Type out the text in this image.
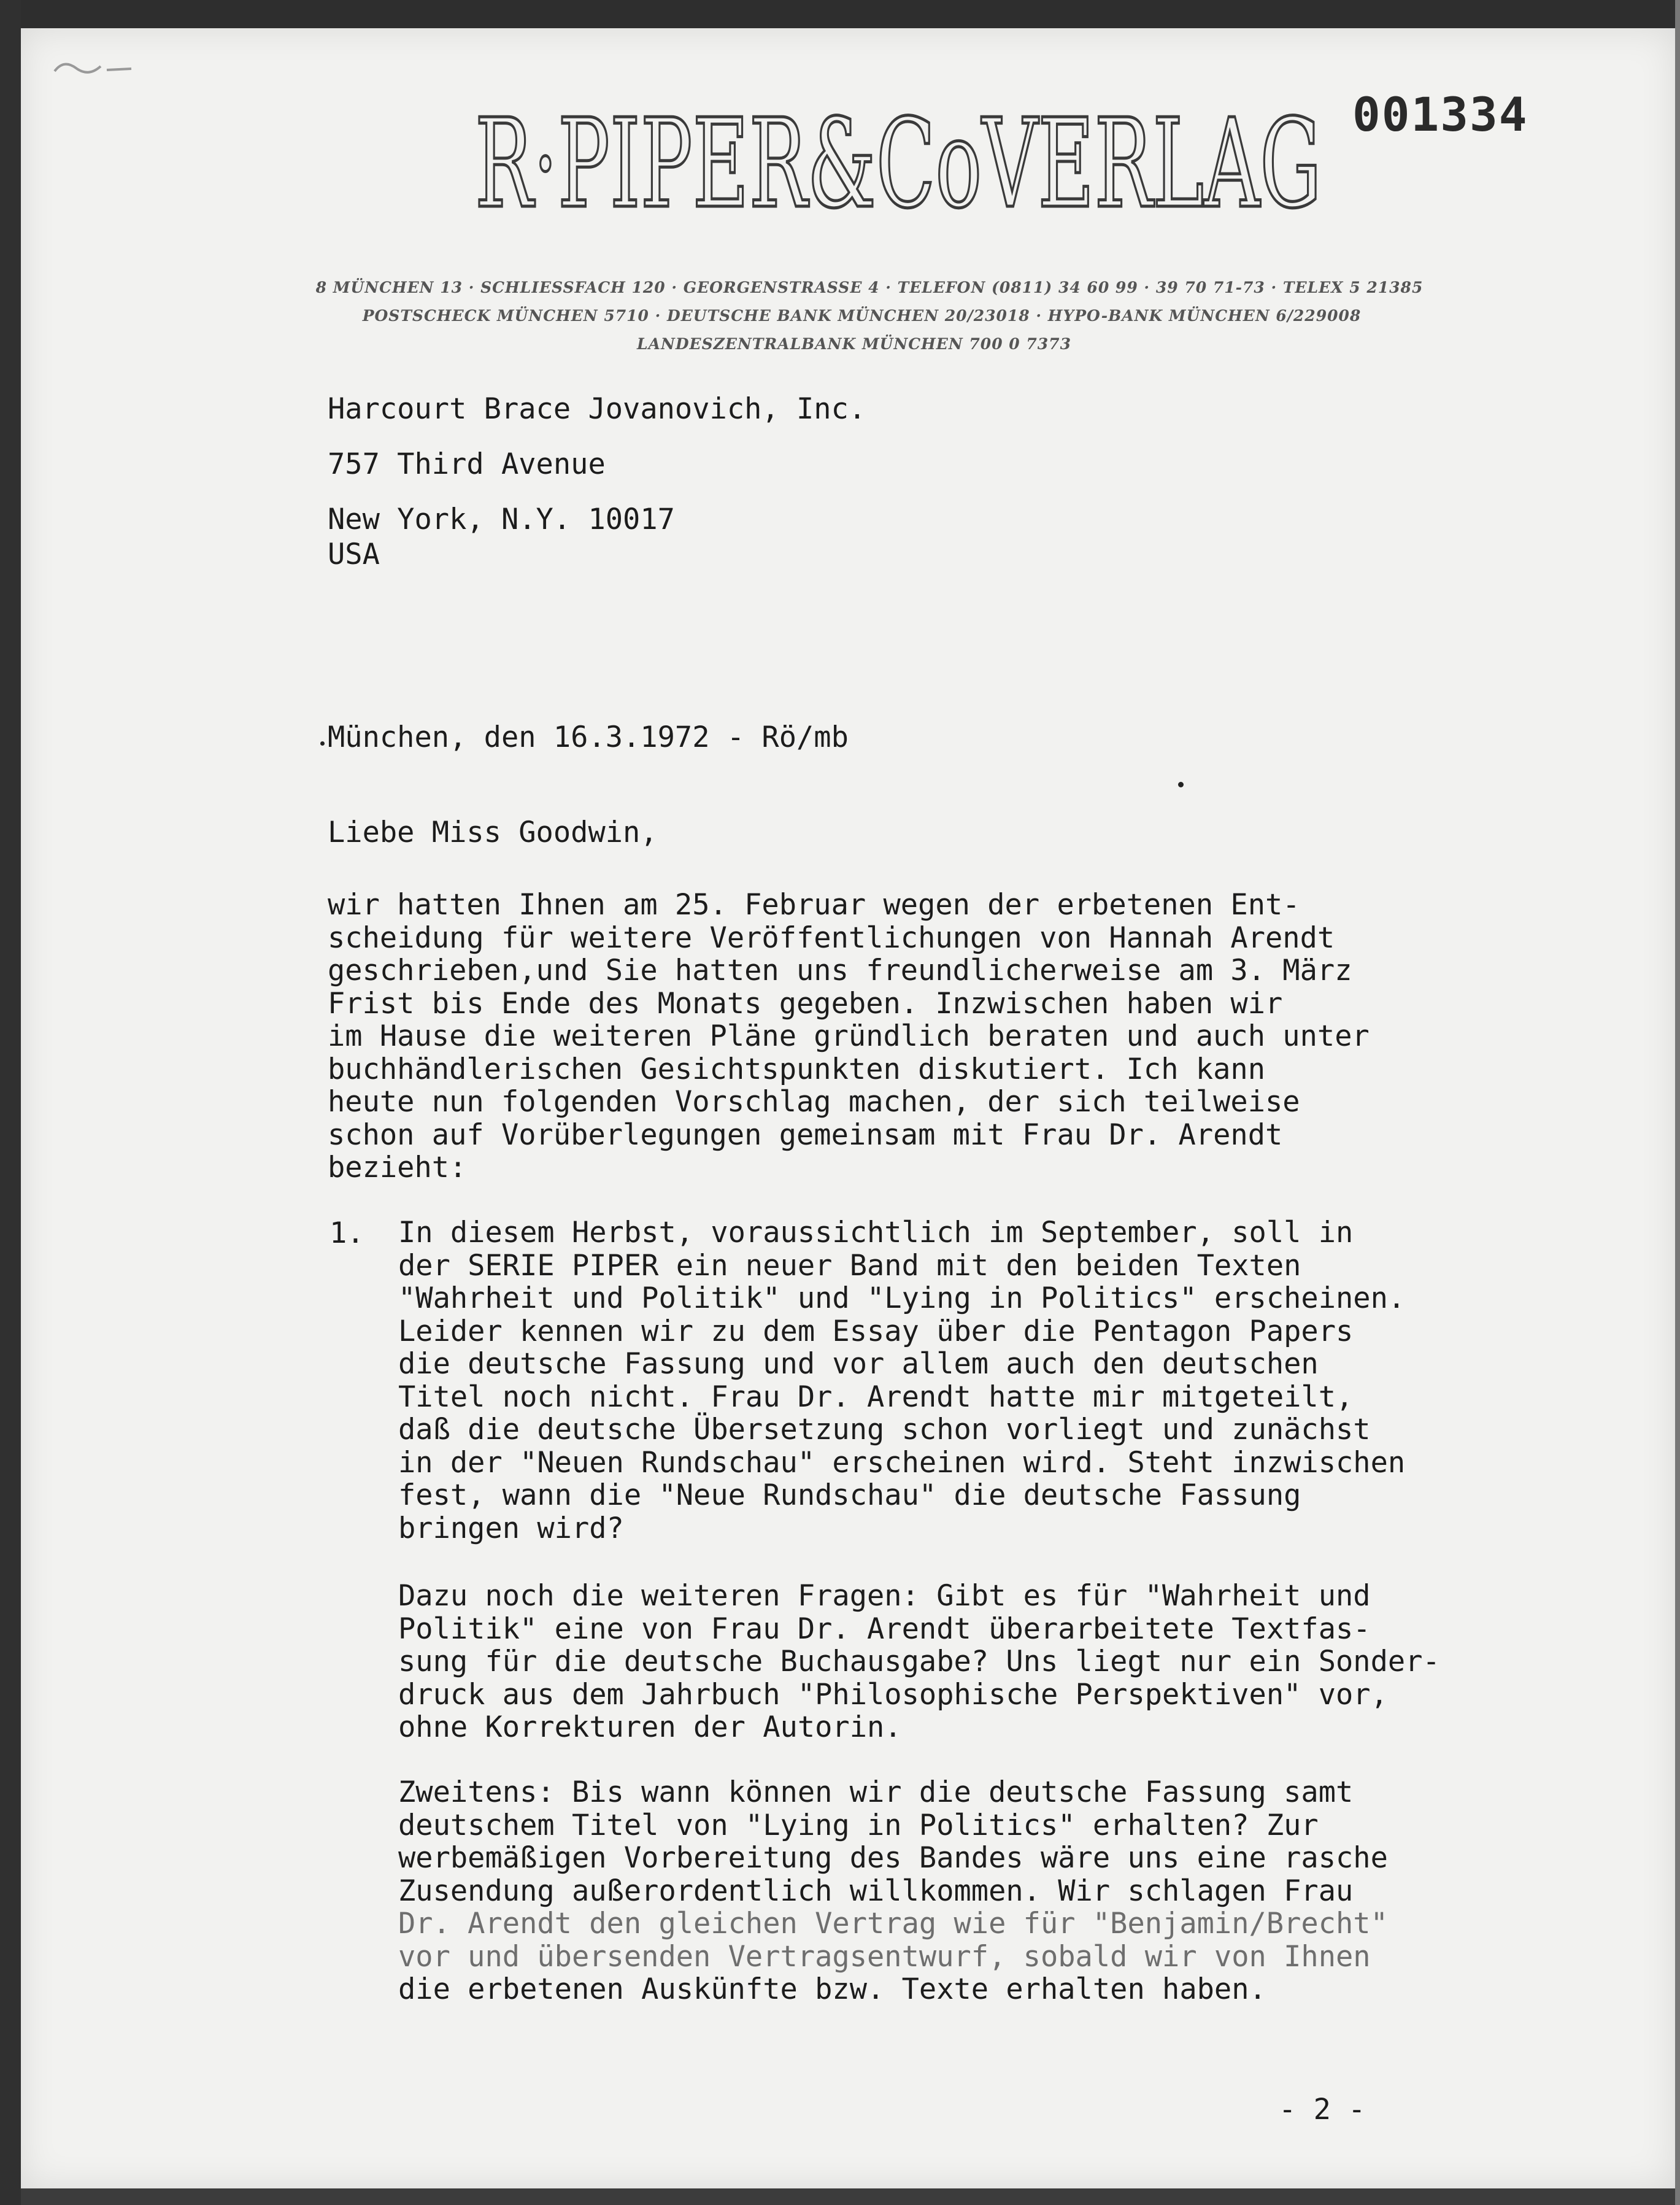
R·PIPER&CoVERLAG 001334
8 MÜNCHEN 13 · SCHLIESSFACH 120 · GEORGENSTRASSE 4 · TELEFON (0811) 34 60 99 · 39 70 71-73 · TELEX 5 21385
POSTSCHECK MÜNCHEN 5710 · DEUTSCHE BANK MÜNCHEN 20/23018 · HYPO-BANK MÜNCHEN 6/229008
LANDESZENTRALBANK MÜNCHEN 700 0 7373
Harcourt Brace Jovanovich, Inc.
757 Third Avenue
New York, N.Y. 10017
USA
München, den 16.3.1972 - Rö/mb
Liebe Miss Goodwin,
wir hatten Ihnen am 25. Februar wegen der erbetenen Ent-
scheidung für weitere Veröffentlichungen von Hannah Arendt
geschrieben,und Sie hatten uns freundlicherweise am 3. März
Frist bis Ende des Monats gegeben. Inzwischen haben wir
im Hause die weiteren Pläne gründlich beraten und auch unter
buchhändlerischen Gesichtspunkten diskutiert. Ich kann
heute nun folgenden Vorschlag machen, der sich teilweise
schon auf Vorüberlegungen gemeinsam mit Frau Dr. Arendt
bezieht:
1. In diesem Herbst, voraussichtlich im September, soll in
der SERIE PIPER ein neuer Band mit den beiden Texten
"Wahrheit und Politik" und "Lying in Politics" erscheinen.
Leider kennen wir zu dem Essay über die Pentagon Papers
die deutsche Fassung und vor allem auch den deutschen
Titel noch nicht. Frau Dr. Arendt hatte mir mitgeteilt,
daß die deutsche Übersetzung schon vorliegt und zunächst
in der "Neuen Rundschau" erscheinen wird. Steht inzwischen
fest, wann die "Neue Rundschau" die deutsche Fassung
bringen wird?
Dazu noch die weiteren Fragen: Gibt es für "Wahrheit und
Politik" eine von Frau Dr. Arendt überarbeitete Textfas-
sung für die deutsche Buchausgabe? Uns liegt nur ein Sonder-
druck aus dem Jahrbuch "Philosophische Perspektiven" vor,
ohne Korrekturen der Autorin.
Zweitens: Bis wann können wir die deutsche Fassung samt
deutschem Titel von "Lying in Politics" erhalten? Zur
werbemäßigen Vorbereitung des Bandes wäre uns eine rasche
Zusendung außerordentlich willkommen. Wir schlagen Frau
Dr. Arendt den gleichen Vertrag wie für "Benjamin/Brecht"
vor und übersenden Vertragsentwurf, sobald wir von Ihnen
die erbetenen Auskünfte bzw. Texte erhalten haben.
- 2 -
